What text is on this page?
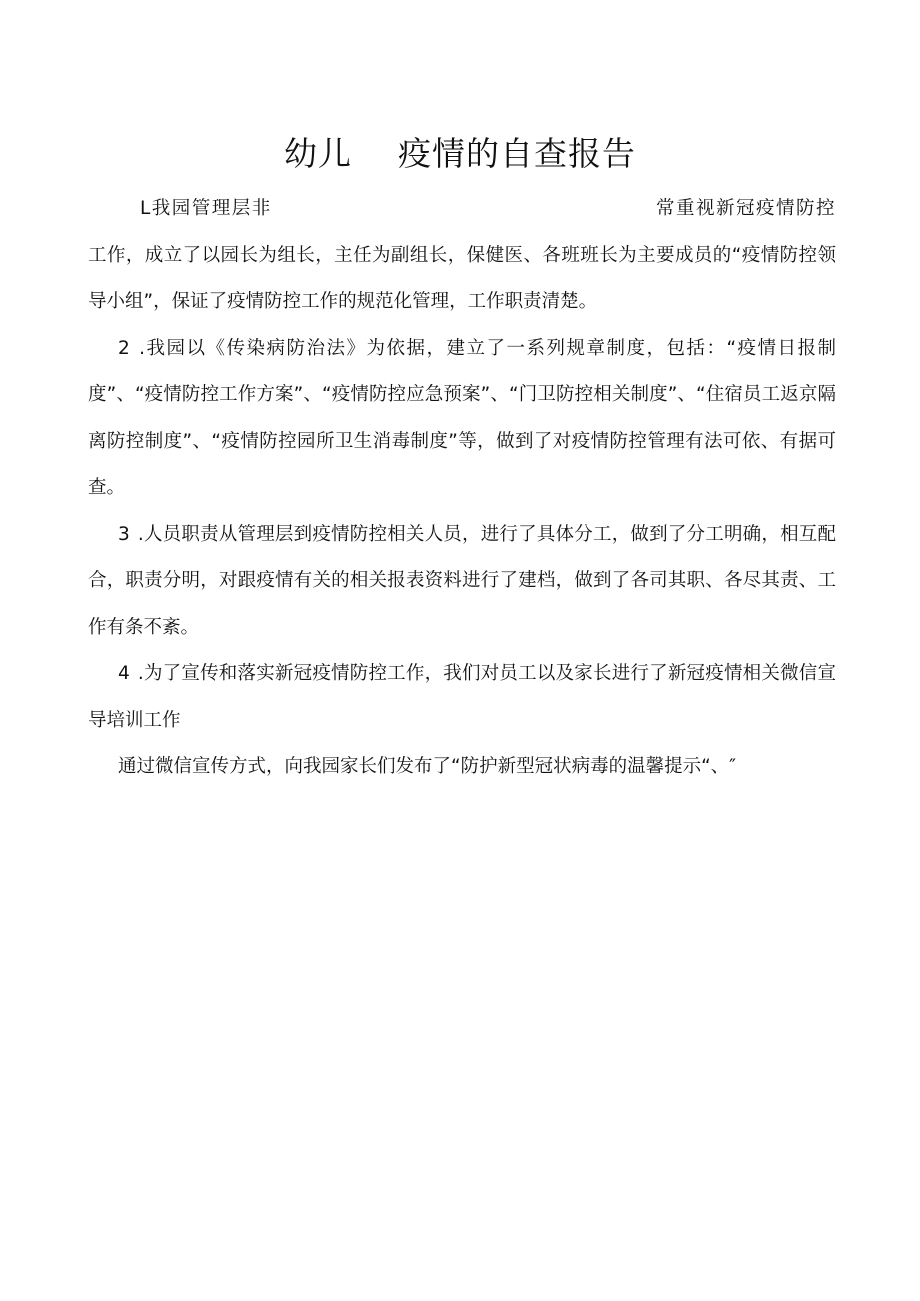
幼儿    疫情的自查报告
L我园管理层非	常重视新冠疫情防控

工作，成立了以园长为组长，主任为副组长，保健医、各班班长为主要成员的“疫情防控领导小组”，保证了疫情防控工作的规范化管理，工作职责清楚。

2 .我园以《传染病防治法》为依据，建立了一系列规章制度，包括：“疫情日报制度”、“疫情防控工作方案”、“疫情防控应急预案”、“门卫防控相关制度”、“住宿员工返京隔离防控制度”、“疫情防控园所卫生消毒制度”等，做到了对疫情防控管理有法可依、有据可查。

3 .人员职责从管理层到疫情防控相关人员，进行了具体分工，做到了分工明确，相互配合，职责分明，对跟疫情有关的相关报表资料进行了建档，做到了各司其职、各尽其责、工作有条不紊。

4 .为了宣传和落实新冠疫情防控工作，我们对员工以及家长进行了新冠疫情相关微信宣导培训工作

通过微信宣传方式，向我园家长们发布了“防护新型冠状病毒的温馨提示“、″
